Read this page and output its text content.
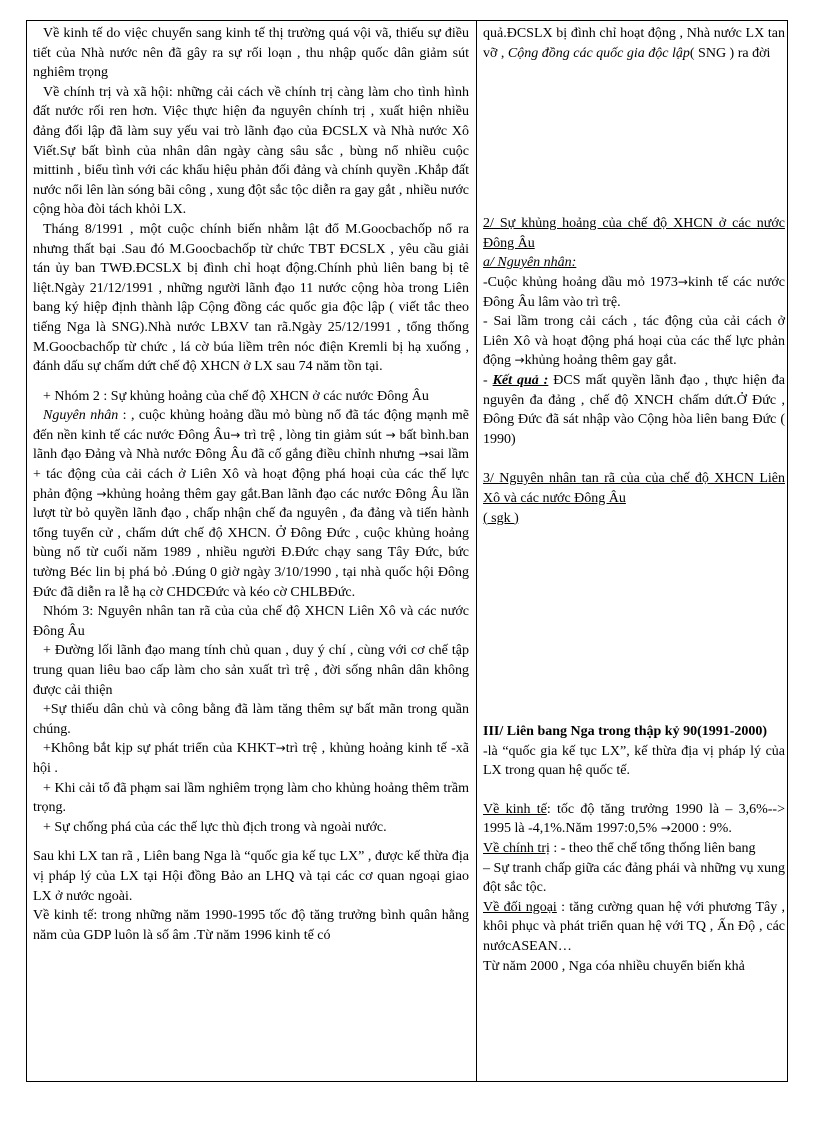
Về kinh tế do việc chuyển sang kinh tế thị trường quá vội vã, thiếu sự điều tiết của Nhà nước nên đã gây ra sự rối loạn , thu nhập quốc dân giảm sút nghiêm trọng

Về chính trị và xã hội: những cải cách về chính trị càng làm cho tình hình đất nước rối ren hơn. Việc thực hiện đa nguyên chính trị , xuất hiện nhiều đảng đối lập đã làm suy yếu vai trò lãnh đạo của ĐCSLX và Nhà nước Xô Viết.Sự bất bình của nhân dân ngày càng sâu sắc , bùng nổ nhiều cuộc mittinh , biểu tình với các khẩu hiệu phản đối đảng và chính quyền .Khắp đất nước nổi lên làn sóng bãi công , xung đột sắc tộc diễn ra gay gắt , nhiều nước cộng hòa đòi tách khỏi LX.

Tháng 8/1991 , một cuộc chính biến nhằm lật đổ M.Goocbachốp nổ ra nhưng thất bại .Sau đó M.Goocbachốp từ chức TBT ĐCSLX , yêu cầu giải tán ủy ban TWĐ.ĐCSLX bị đình chỉ hoạt động.Chính phủ liên bang bị tê liệt.Ngày 21/12/1991 , những người lãnh đạo 11 nước cộng hòa trong Liên bang ký hiệp định thành lập Cộng đồng các quốc gia độc lập ( viết tắc theo tiếng Nga là SNG).Nhà nước LBXV tan rã.Ngày 25/12/1991 , tổng thống M.Goocbachốp từ chức , lá cờ búa liềm trên nóc điện Kremli bị hạ xuống , đánh dấu sự chấm dứt chế độ XHCN ở LX sau 74 năm tồn tại.

+ Nhóm 2 : Sự khủng hoảng của chế độ XHCN ở các nước Đông Âu

Nguyên nhân : , cuộc khủng hoảng dầu mỏ bùng nổ đã tác động mạnh mẽ đến nền kinh tế các nước Đông Âu→ trì trệ , lòng tin giảm sút → bất bình.ban lãnh đạo Đảng và Nhà nước Đông Âu đã cố gắng điều chỉnh nhưng →sai lầm + tác động của cải cách ở Liên Xô và hoạt động phá hoại của các thế lực phản động →khủng hoảng thêm gay gắt.Ban lãnh đạo các nước Đông Âu lần lượt từ bỏ quyền lãnh đạo , chấp nhận chế đa nguyên , đa đảng và tiến hành tổng tuyển cử , chấm dứt chế độ XHCN. Ở Đông Đức , cuộc khủng hoảng bùng nổ từ cuối năm 1989 , nhiều người Đ.Đức chạy sang Tây Đức, bức tường Béc lin bị phá bỏ .Đúng 0 giờ ngày 3/10/1990 , tại nhà quốc hội Đông Đức đã diễn ra lễ hạ cờ CHDCĐức và kéo cờ CHLBĐức.

Nhóm 3: Nguyên nhân tan rã của của chế độ XHCN Liên Xô và các nước Đông Âu

+ Đường lối lãnh đạo mang tính chủ quan , duy ý chí , cùng với cơ chế tập trung quan liêu bao cấp làm cho sản xuất trì trệ , đời sống nhân dân không được cải thiện

+Sự thiếu dân chủ và công bằng đã làm tăng thêm sự bất mãn trong quần chúng.

+Không bắt kịp sự phát triển của KHKT→trì trệ , khủng hoảng kinh tế -xã hội .

+ Khi cải tổ đã phạm sai lầm nghiêm trọng làm cho khủng hoảng thêm trầm trọng.

+ Sự chống phá của các thế lực thù địch trong và ngoài nước.

Sau khi LX tan rã , Liên bang Nga là “quốc gia kế tục LX” , được kế thừa địa vị pháp lý của LX tại Hội đồng Bảo an LHQ và tại các cơ quan ngoại giao LX ở nước ngoài.

Về kinh tế: trong những năm 1990-1995 tốc độ tăng trưởng bình quân hằng năm của GDP luôn là số âm .Từ năm 1996 kinh tế có

quả.ĐCSLX bị đình chỉ hoạt động , Nhà nước LX tan vỡ , Cộng đồng các quốc gia độc lập( SNG ) ra đời

2/ Sự khủng hoảng của chế độ XHCN ở các nước Đông Âu

a/ Nguyên nhân:

-Cuộc khủng hoảng dầu mỏ 1973→kinh tế các nước Đông Âu lâm vào trì trệ.

- Sai lầm trong cải cách , tác động của cải cách ở Liên Xô và hoạt động phá hoại của các thế lực phản động →khủng hoảng thêm gay gắt.

- Kết quả : ĐCS mất quyền lãnh đạo , thực hiện đa nguyên đa đảng , chế độ XNCH chấm dứt.Ở Đức , Đông Đức đã sát nhập vào Cộng hòa liên bang Đức ( 1990)

3/ Nguyên nhân tan rã của của chế độ XHCN Liên Xô và các nước Đông Âu

( sgk )

III/ Liên bang Nga trong thập kỷ 90(1991-2000)

-là “quốc gia kế tục LX”, kế thừa địa vị pháp lý của LX trong quan hệ quốc tế.

Về kinh tế: tốc độ tăng trưởng 1990 là – 3,6%--> 1995 là -4,1%.Năm 1997:0,5% →2000 : 9%.

Về chính trị : - theo thể chế tổng thống liên bang

– Sự tranh chấp giữa các đảng phái và những vụ xung đột sắc tộc.

Về đối ngoại : tăng cường quan hệ với phương Tây , khôi phục và phát triển quan hệ với TQ , Ấn Độ , các nướcASEAN…

Từ năm 2000 , Nga cóa nhiều chuyển biến khả
